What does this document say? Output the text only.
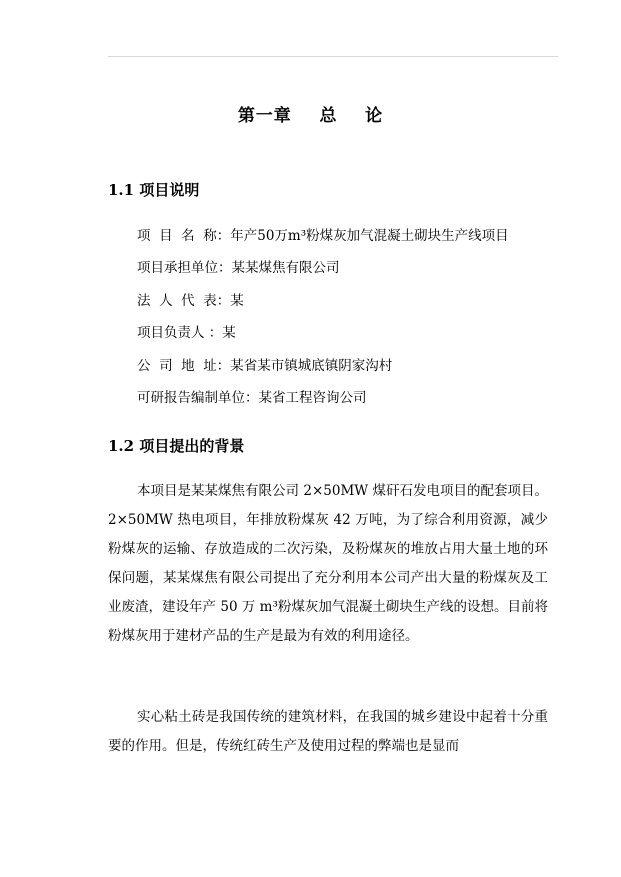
第一章    总    论
1.1 项目说明
项  目  名  称：年产50万m³粉煤灰加气混凝土砌块生产线项目
项目承担单位：某某煤焦有限公司
法  人  代  表：某
项目负责人 ：某
公  司  地  址：某省某市镇城底镇阴家沟村
可研报告编制单位：某省工程咨询公司
1.2 项目提出的背景

本项目是某某煤焦有限公司 2×50MW 煤矸石发电项目的配套项目。2×50MW 热电项目，年排放粉煤灰 42 万吨，为了综合利用资源，减少粉煤灰的运输、存放造成的二次污染，及粉煤灰的堆放占用大量土地的环保问题，某某煤焦有限公司提出了充分利用本公司产出大量的粉煤灰及工业废渣，建设年产 50 万 m³粉煤灰加气混凝土砌块生产线的设想。目前将粉煤灰用于建材产品的生产是最为有效的利用途径。

实心粘土砖是我国传统的建筑材料，在我国的城乡建设中起着十分重要的作用。但是，传统红砖生产及使用过程的弊端也是显而
